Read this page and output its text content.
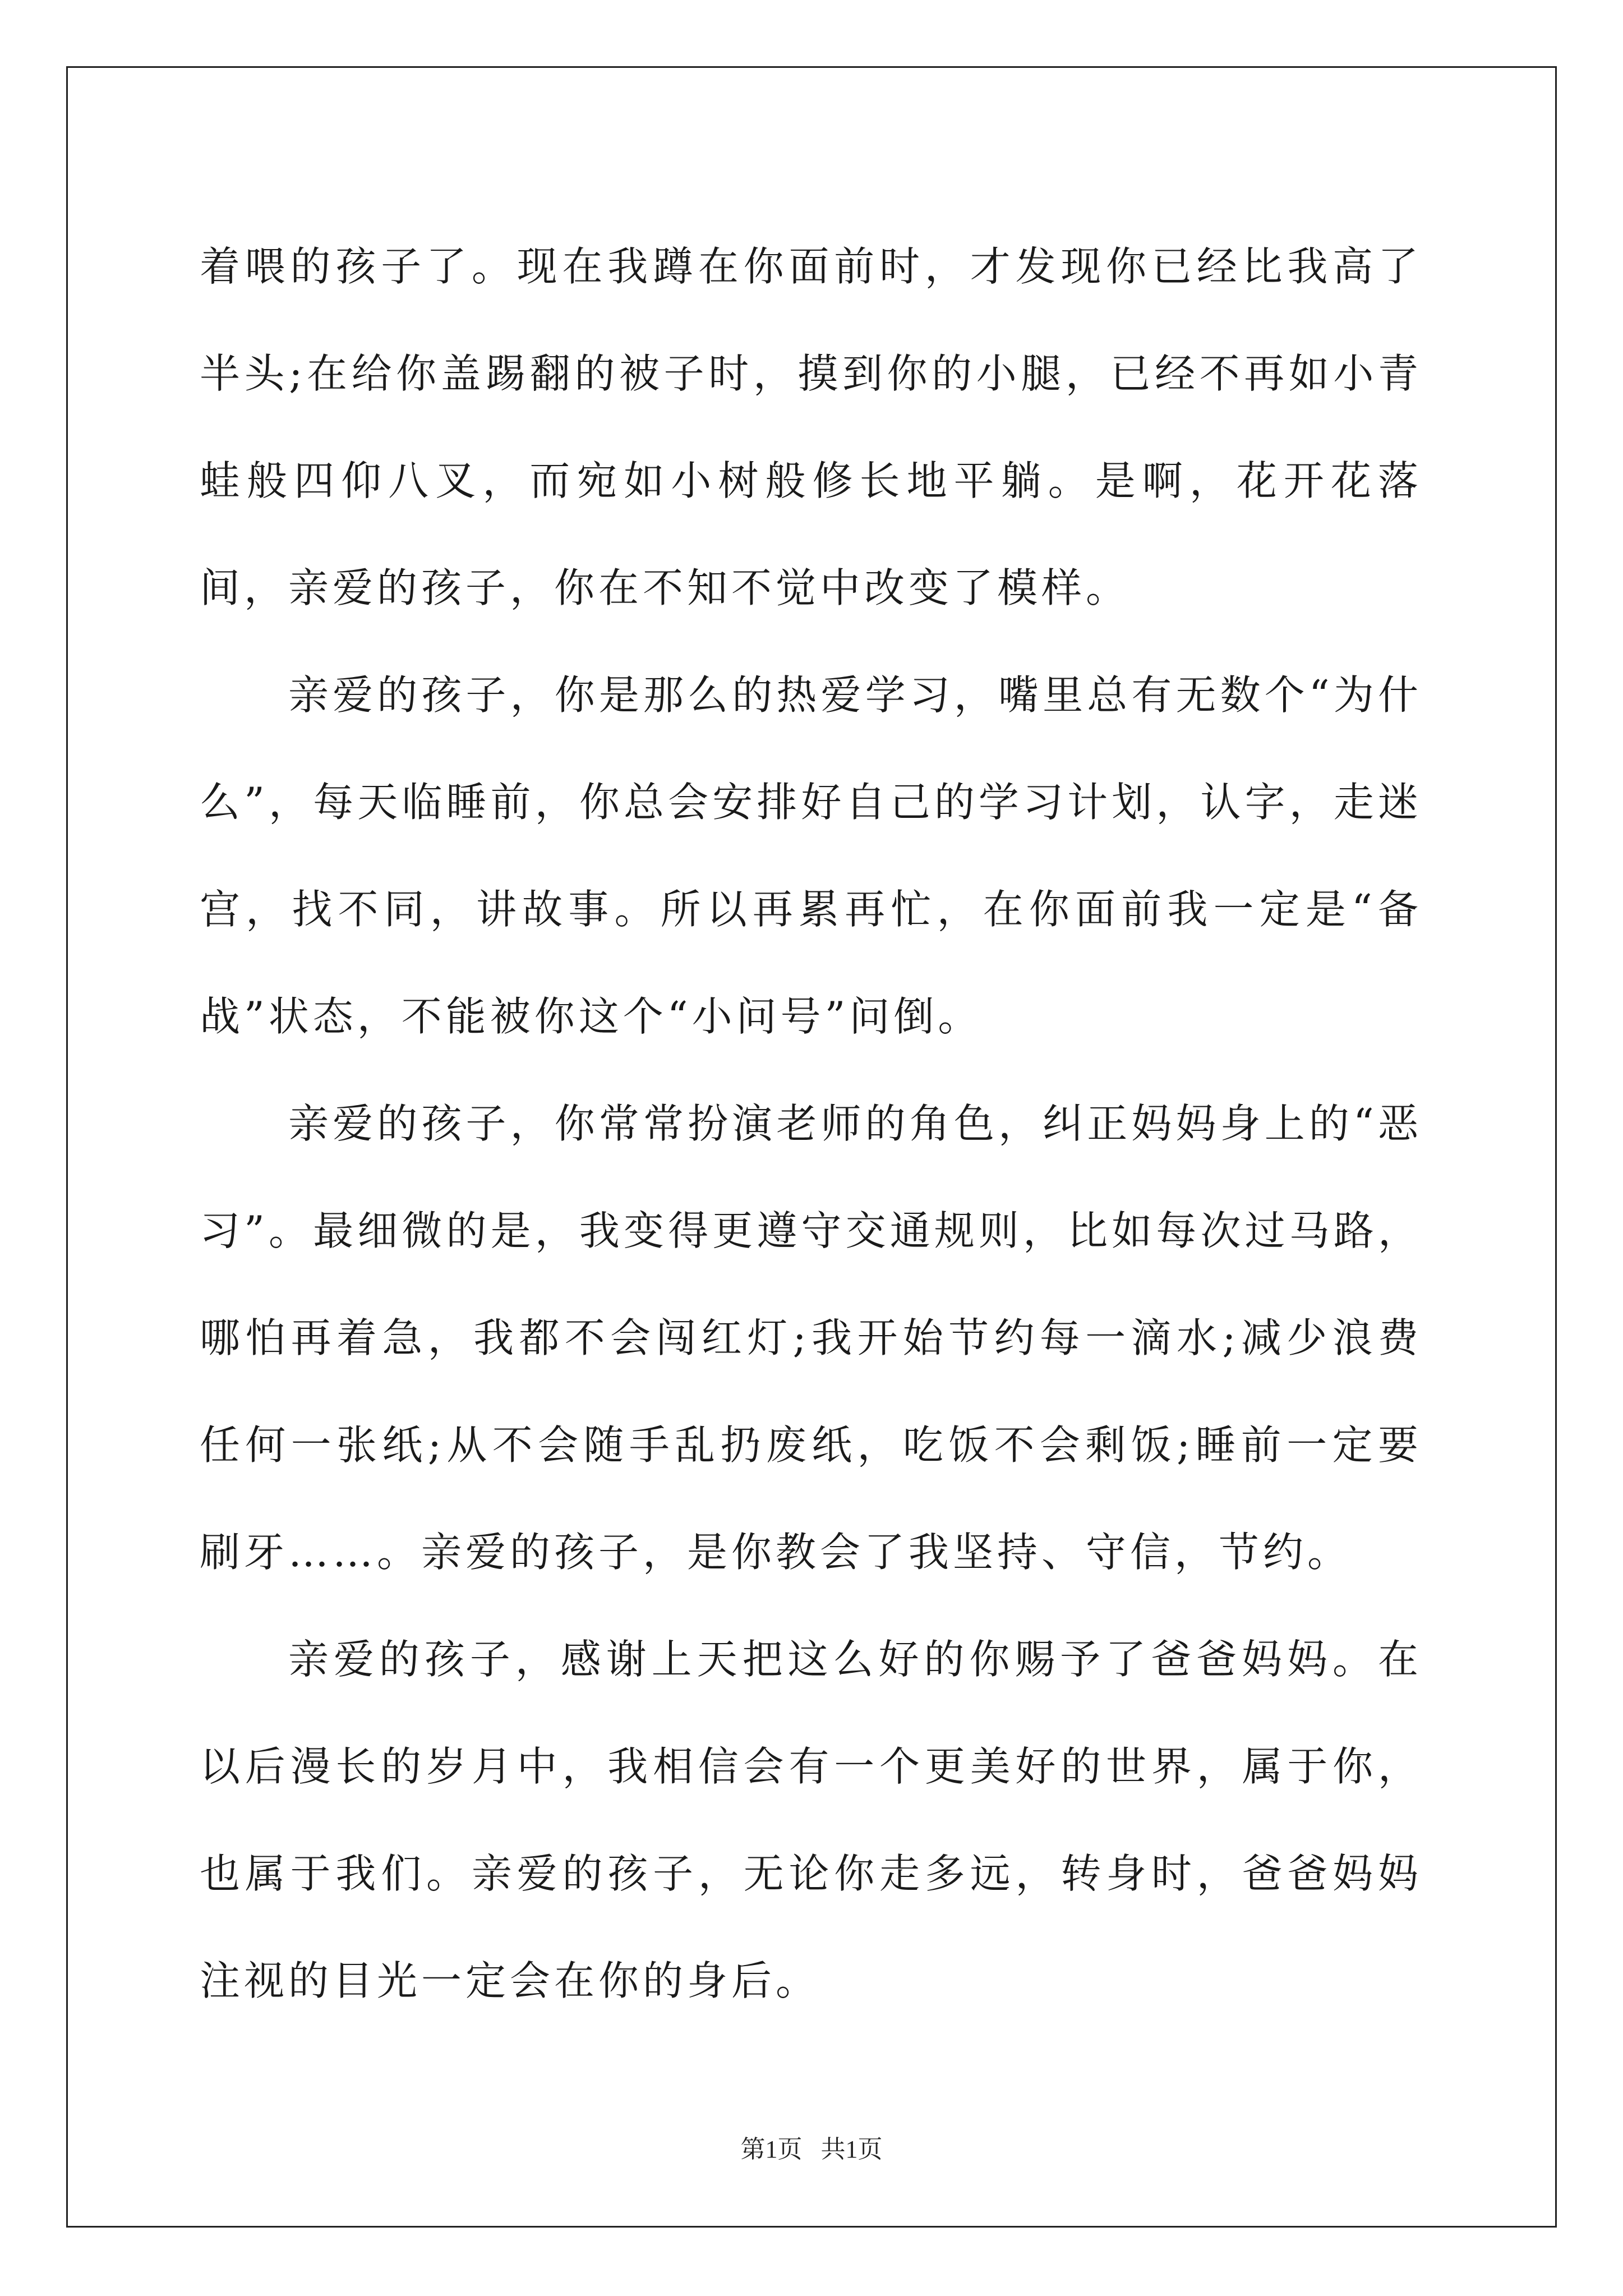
着喂的孩子了。现在我蹲在你面前时，才发现你已经比我高了半头;在给你盖踢翻的被子时，摸到你的小腿，已经不再如小青蛙般四仰八叉，而宛如小树般修长地平躺。是啊，花开花落间，亲爱的孩子，你在不知不觉中改变了模样。

亲爱的孩子，你是那么的热爱学习，嘴里总有无数个“为什么”，每天临睡前，你总会安排好自己的学习计划，认字，走迷宫，找不同，讲故事。所以再累再忙，在你面前我一定是“备战”状态，不能被你这个“小问号”问倒。

亲爱的孩子，你常常扮演老师的角色，纠正妈妈身上的“恶习”。最细微的是，我变得更遵守交通规则，比如每次过马路，哪怕再着急，我都不会闯红灯;我开始节约每一滴水;减少浪费任何一张纸;从不会随手乱扔废纸，吃饭不会剩饭;睡前一定要刷牙……。亲爱的孩子，是你教会了我坚持、守信，节约。

亲爱的孩子，感谢上天把这么好的你赐予了爸爸妈妈。在以后漫长的岁月中，我相信会有一个更美好的世界，属于你，也属于我们。亲爱的孩子，无论你走多远，转身时，爸爸妈妈注视的目光一定会在你的身后。

第1页   共1页
